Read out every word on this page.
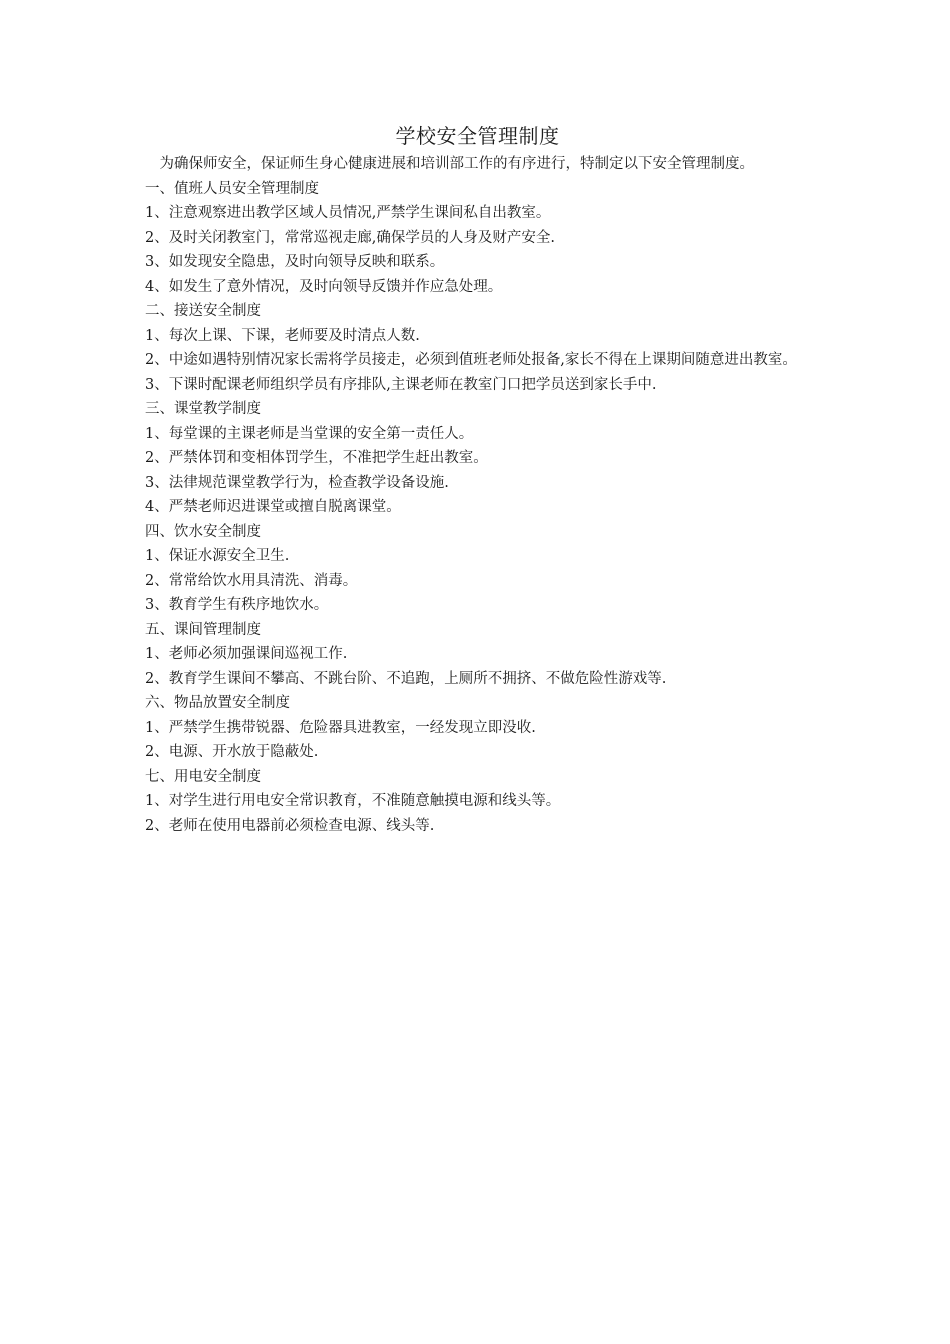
学校安全管理制度

为确保师安全，保证师生身心健康进展和培训部工作的有序进行，特制定以下安全管理制度。

一、值班人员安全管理制度

1、注意观察进出教学区域人员情况,严禁学生课间私自出教室。

2、及时关闭教室门，常常巡视走廊,确保学员的人身及财产安全.

3、如发现安全隐患，及时向领导反映和联系。

4、如发生了意外情况，及时向领导反馈并作应急处理。

二、接送安全制度

1、每次上课、下课，老师要及时清点人数.

2、中途如遇特别情况家长需将学员接走，必须到值班老师处报备,家长不得在上课期间随意进出教室。

3、下课时配课老师组织学员有序排队,主课老师在教室门口把学员送到家长手中.

三、课堂教学制度

1、每堂课的主课老师是当堂课的安全第一责任人。

2、严禁体罚和变相体罚学生，不准把学生赶出教室。

3、法律规范课堂教学行为，检查教学设备设施.

4、严禁老师迟进课堂或擅自脱离课堂。

四、饮水安全制度

1、保证水源安全卫生.

2、常常给饮水用具清洗、消毒。

3、教育学生有秩序地饮水。

五、课间管理制度

1、老师必须加强课间巡视工作.

2、教育学生课间不攀高、不跳台阶、不追跑，上厕所不拥挤、不做危险性游戏等.

六、物品放置安全制度

1、严禁学生携带锐器、危险器具进教室，一经发现立即没收.

2、电源、开水放于隐蔽处.

七、用电安全制度

1、对学生进行用电安全常识教育，不准随意触摸电源和线头等。

2、老师在使用电器前必须检查电源、线头等.
